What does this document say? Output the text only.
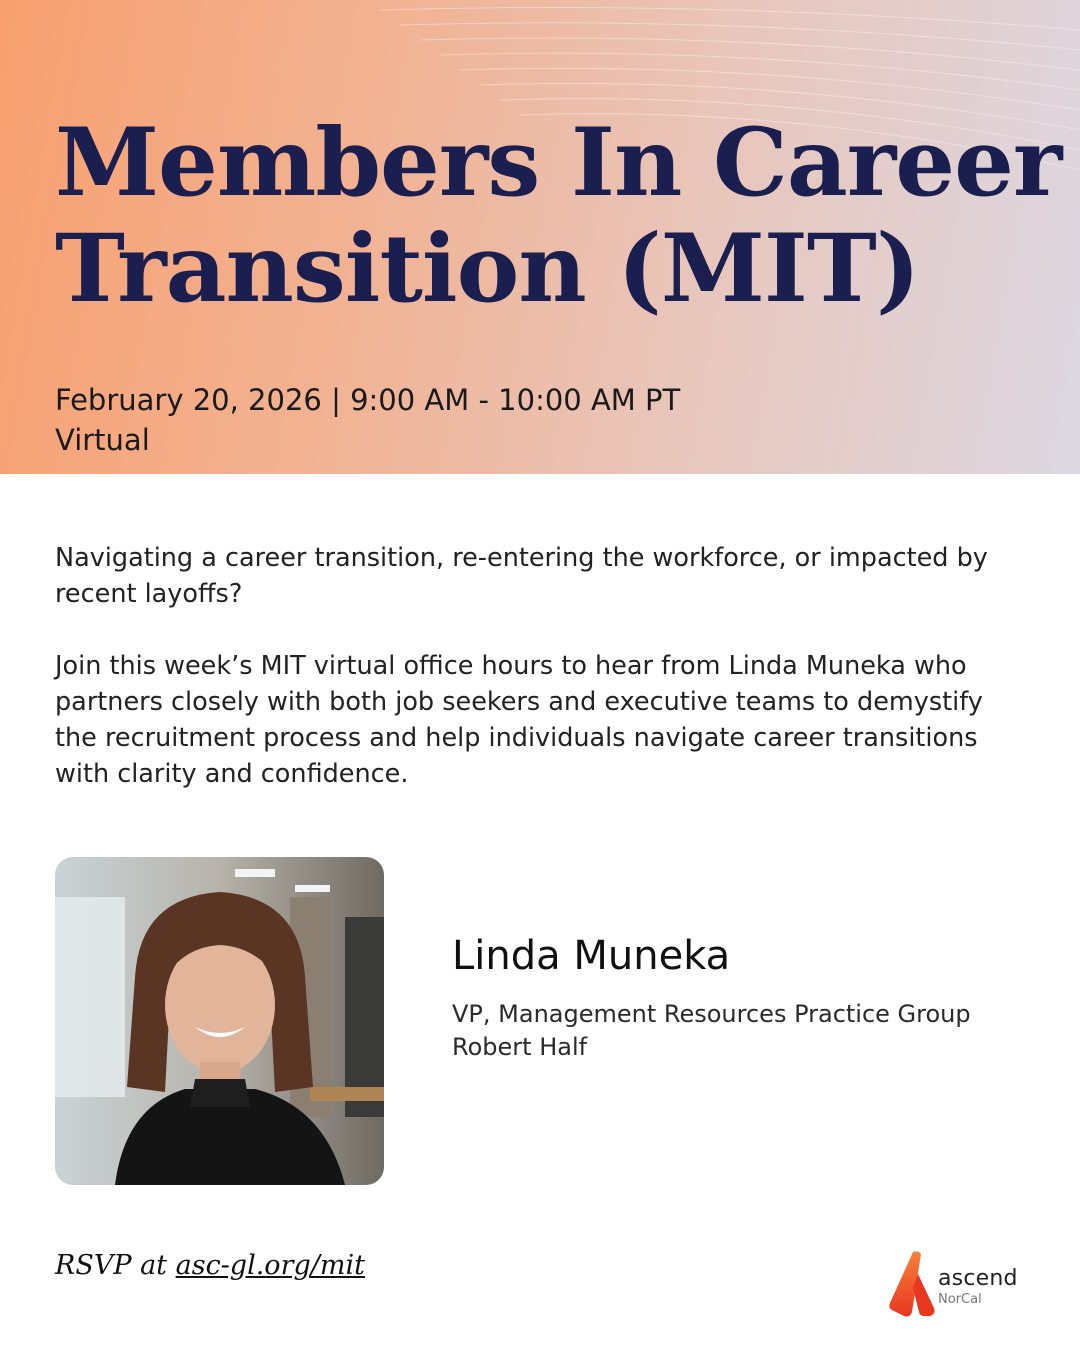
Members In Career
Transition (MIT)
February 20, 2026 | 9:00 AM - 10:00 AM PT
Virtual

Navigating a career transition, re-entering the workforce, or impacted by recent layoffs?

Join this week’s MIT virtual office hours to hear from Linda Muneka who partners closely with both job seekers and executive teams to demystify the recruitment process and help individuals navigate career transitions with clarity and confidence.

Linda Muneka
VP, Management Resources Practice Group
Robert Half
RSVP at asc-gl.org/mit	ascend
NorCal
